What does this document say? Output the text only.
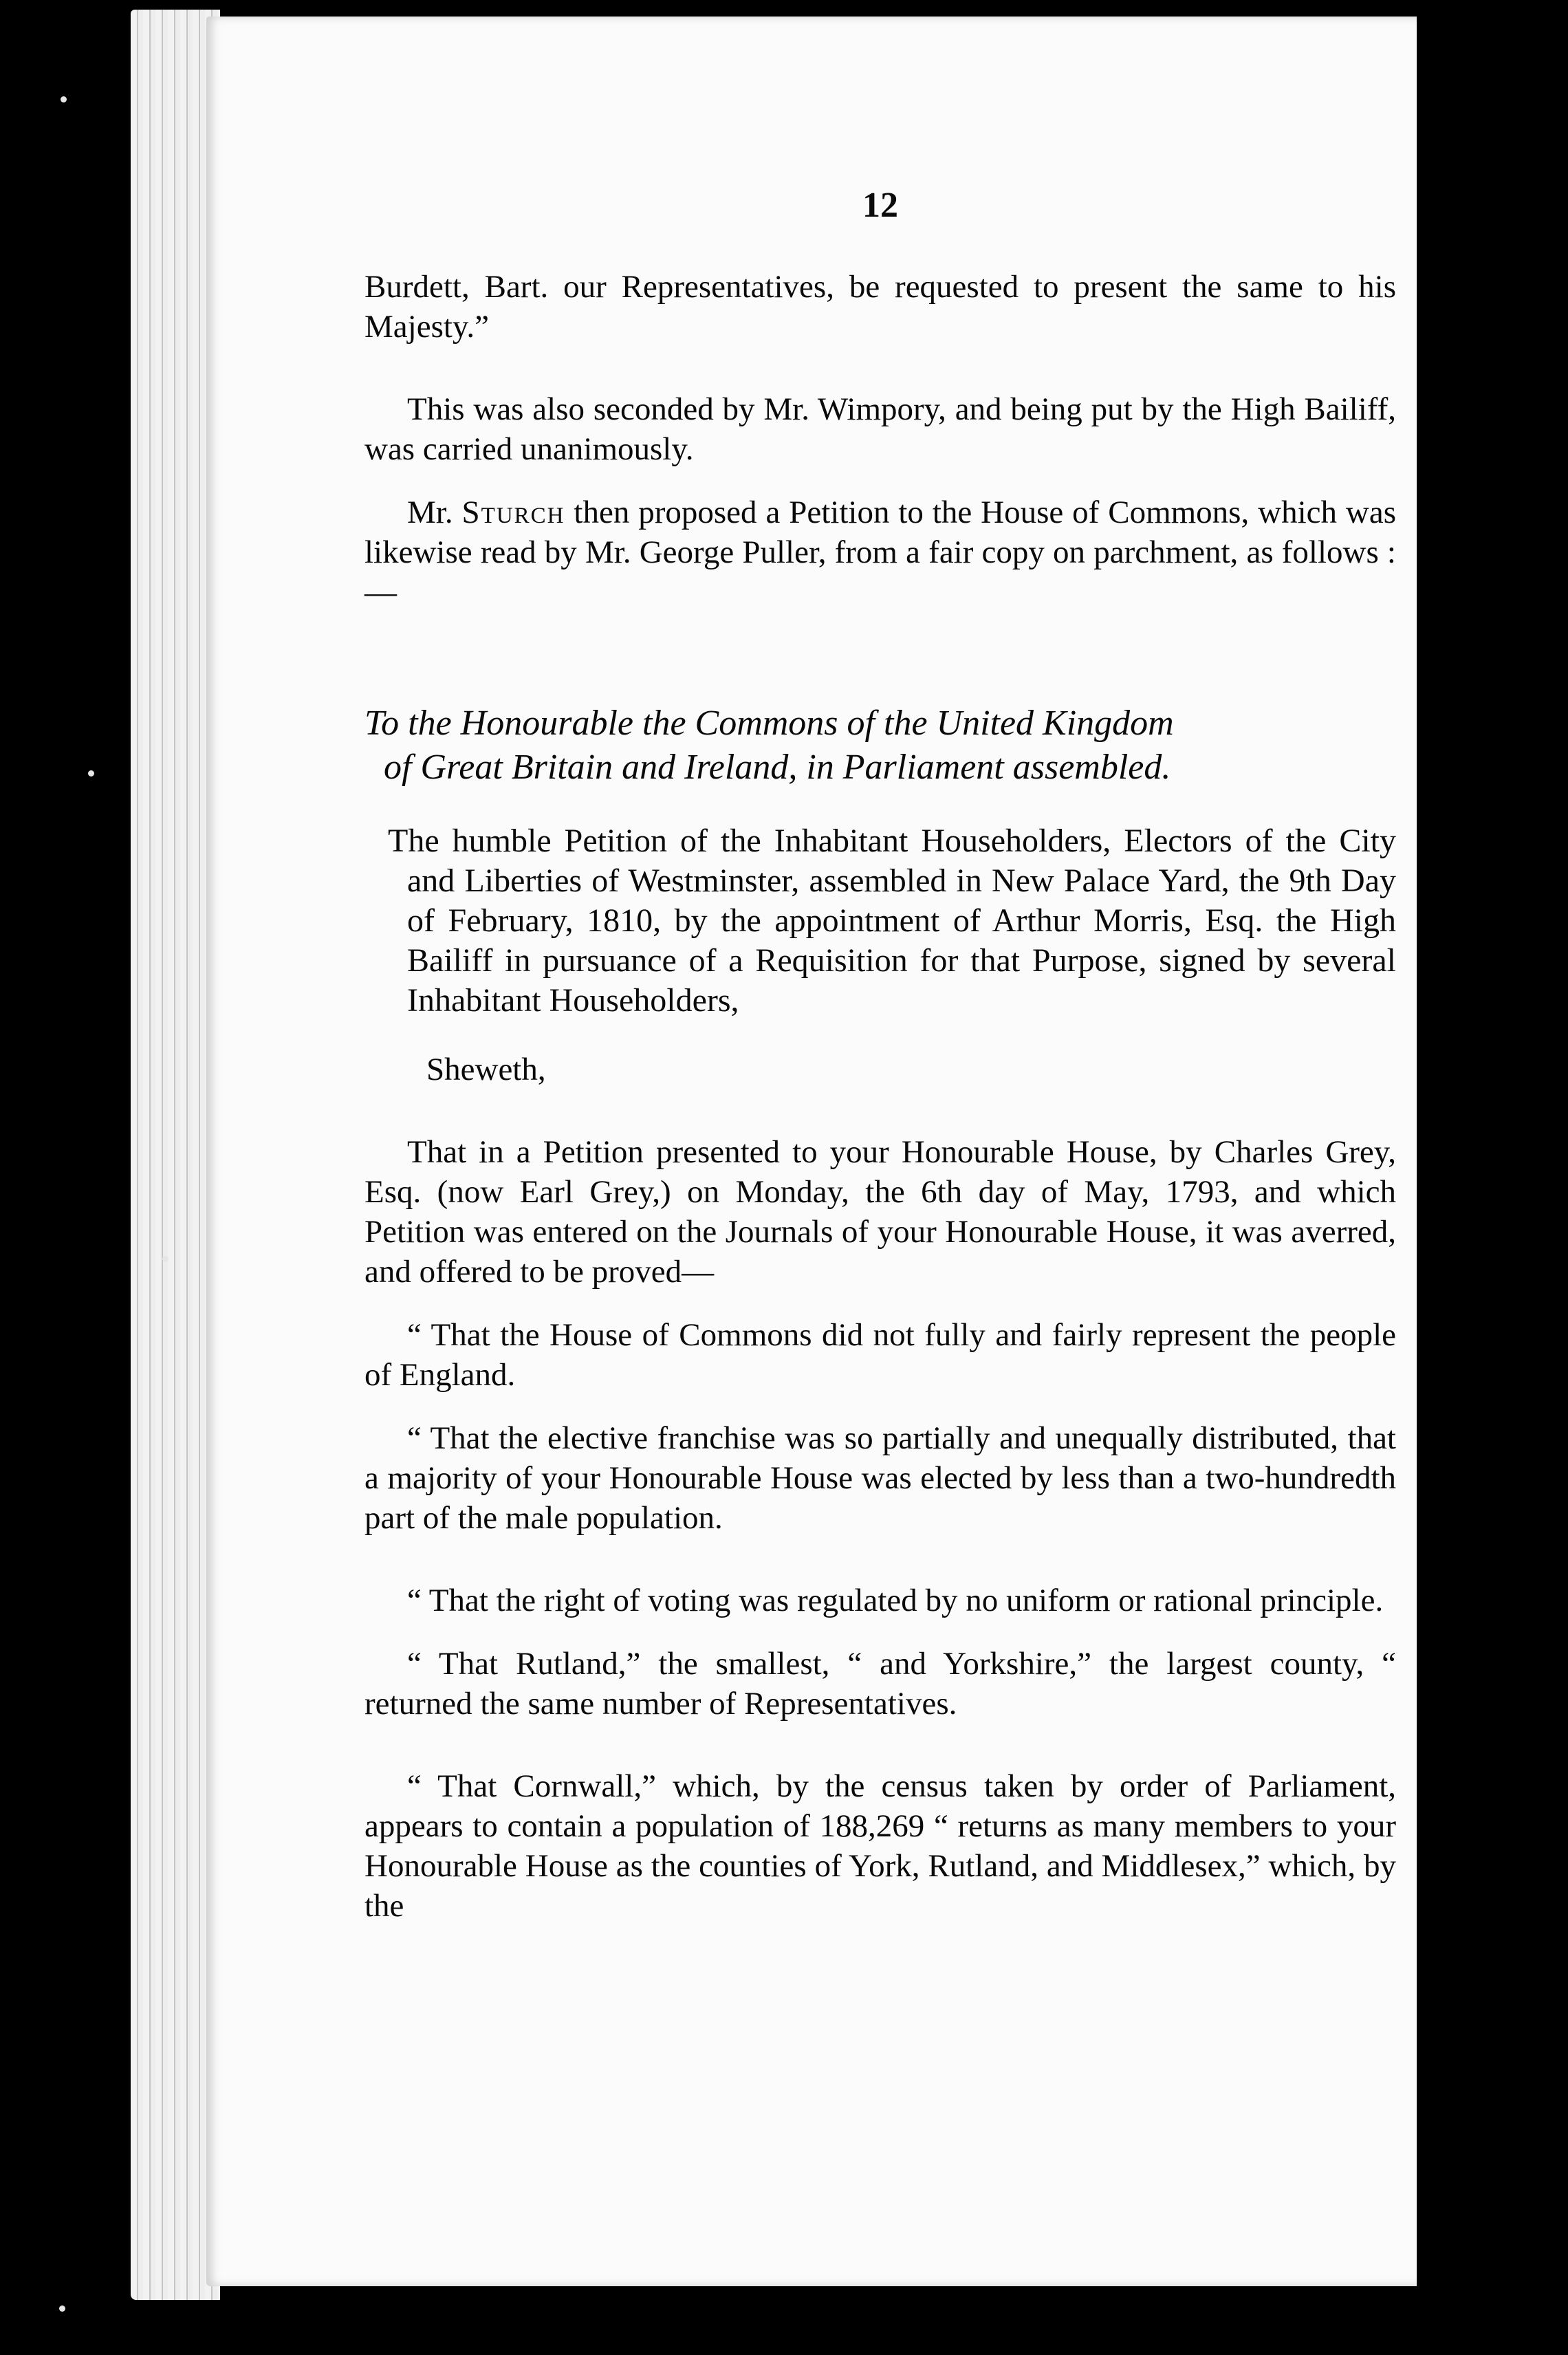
12

Burdett, Bart. our Representatives, be requested to present the same to his Majesty.”

This was also seconded by Mr. Wimpory, and being put by the High Bailiff, was carried unanimously.

Mr. Sturch then proposed a Petition to the House of Commons, which was likewise read by Mr. George Puller, from a fair copy on parchment, as follows :—

To the Honourable the Commons of the United Kingdom
of Great Britain and Ireland, in Parliament assembled.

The humble Petition of the Inhabitant Householders, Electors of the City and Liberties of Westminster, assembled in New Palace Yard, the 9th Day of February, 1810, by the appointment of Arthur Morris, Esq. the High Bailiff in pursuance of a Requisition for that Purpose, signed by several Inhabitant Householders,

Sheweth,

That in a Petition presented to your Honourable House, by Charles Grey, Esq. (now Earl Grey,) on Monday, the 6th day of May, 1793, and which Petition was entered on the Journals of your Honourable House, it was averred, and offered to be proved—

“ That the House of Commons did not fully and fairly represent the people of England.

“ That the elective franchise was so partially and unequally distributed, that a majority of your Honourable House was elected by less than a two-hundredth part of the male population.

“ That the right of voting was regulated by no uniform or rational principle.

“ That Rutland,” the smallest, “ and Yorkshire,” the largest county, “ returned the same number of Representatives.

“ That Cornwall,” which, by the census taken by order of Parliament, appears to contain a population of 188,269 “ returns as many members to your Honourable House as the counties of York, Rutland, and Middlesex,” which, by the
